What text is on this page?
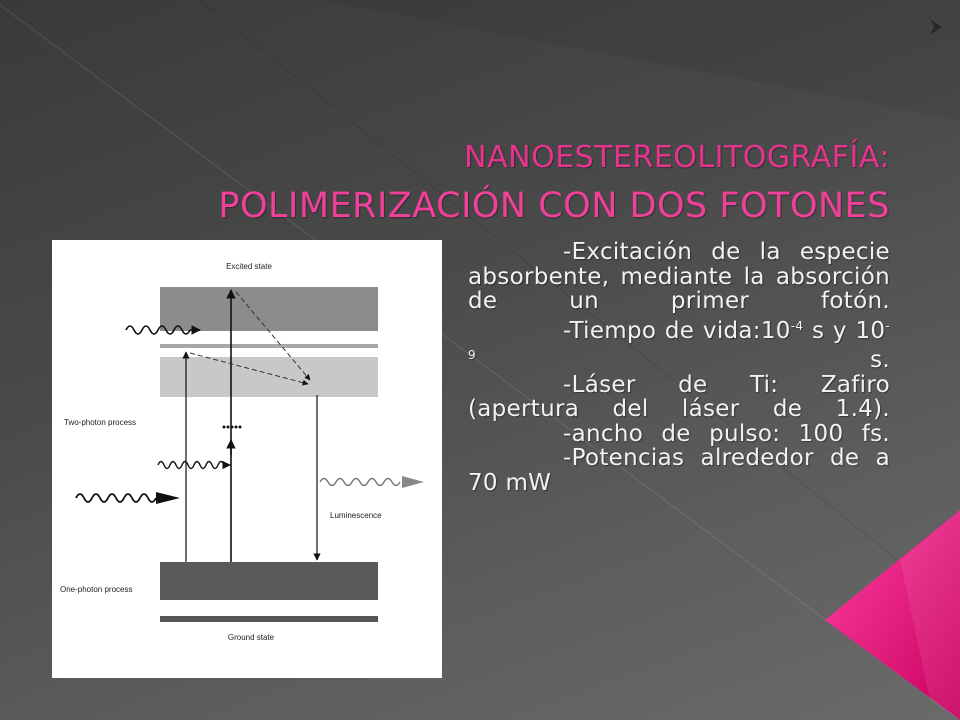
NANOESTEREOLITOGRAFÍA:
POLIMERIZACIÓN CON DOS FOTONES
Excited state
Two-photon process
Luminescence
One-photon process
Ground state
-Excitación de la especie absorbente, mediante la absorción de un primer fotón.
-Tiempo de $vida:10^{-4}$ s y $10^{-9}$ s.
-Láser de Ti: Zafiro (apertura del láser de 1.4).
-ancho de pulso: 100 fs.
-Potencias alrededor de a 70 mW
